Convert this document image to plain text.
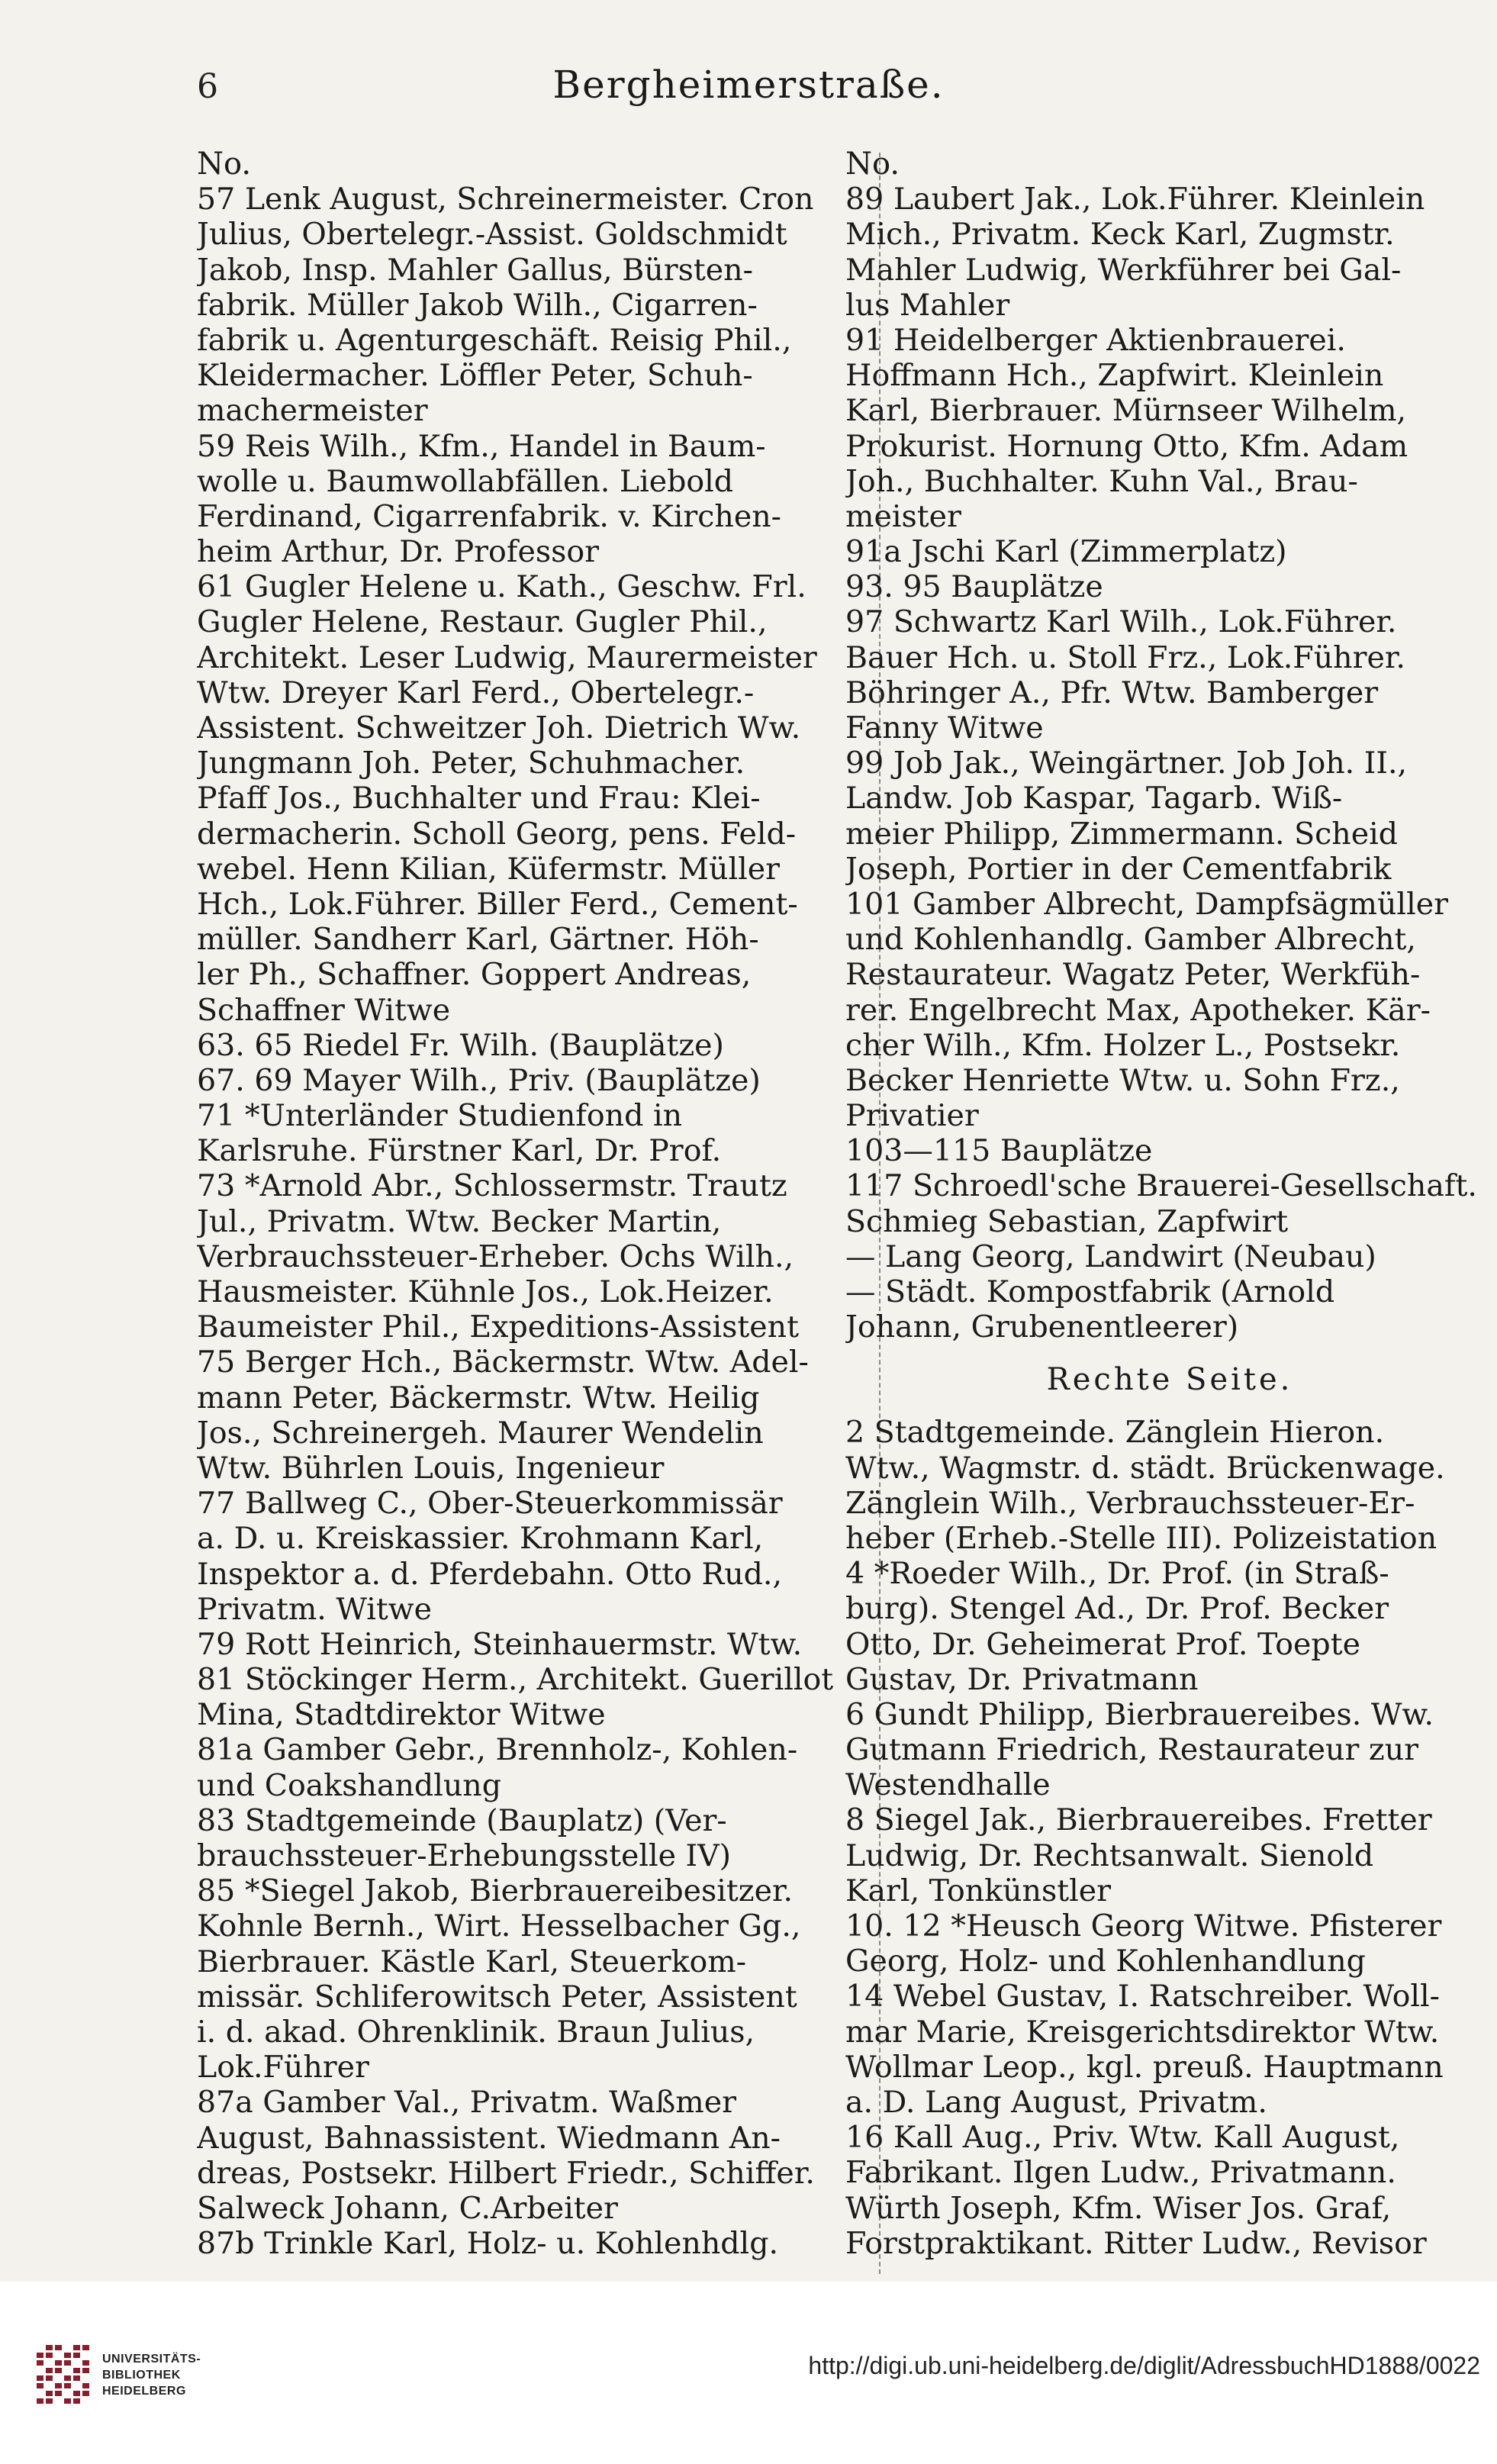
6	Bergheimerstraße.
No.
57 Lenk August, Schreinermeister. Cron
Julius, Obertelegr.-Assist. Goldschmidt
Jakob, Insp. Mahler Gallus, Bürsten-
fabrik. Müller Jakob Wilh., Cigarren-
fabrik u. Agenturgeschäft. Reisig Phil.,
Kleidermacher. Löffler Peter, Schuh-
machermeister
59 Reis Wilh., Kfm., Handel in Baum-
wolle u. Baumwollabfällen. Liebold
Ferdinand, Cigarrenfabrik. v. Kirchen-
heim Arthur, Dr. Professor
61 Gugler Helene u. Kath., Geschw. Frl.
Gugler Helene, Restaur. Gugler Phil.,
Architekt. Leser Ludwig, Maurermeister
Wtw. Dreyer Karl Ferd., Obertelegr.-
Assistent. Schweitzer Joh. Dietrich Ww.
Jungmann Joh. Peter, Schuhmacher.
Pfaff Jos., Buchhalter und Frau: Klei-
dermacherin. Scholl Georg, pens. Feld-
webel. Henn Kilian, Küfermstr. Müller
Hch., Lok.Führer. Biller Ferd., Cement-
müller. Sandherr Karl, Gärtner. Höh-
ler Ph., Schaffner. Goppert Andreas,
Schaffner Witwe
63. 65 Riedel Fr. Wilh. (Bauplätze)
67. 69 Mayer Wilh., Priv. (Bauplätze)
71 *Unterländer Studienfond in
Karlsruhe. Fürstner Karl, Dr. Prof.
73 *Arnold Abr., Schlossermstr. Trautz
Jul., Privatm. Wtw. Becker Martin,
Verbrauchssteuer-Erheber. Ochs Wilh.,
Hausmeister. Kühnle Jos., Lok.Heizer.
Baumeister Phil., Expeditions-Assistent
75 Berger Hch., Bäckermstr. Wtw. Adel-
mann Peter, Bäckermstr. Wtw. Heilig
Jos., Schreinergeh. Maurer Wendelin
Wtw. Bührlen Louis, Ingenieur
77 Ballweg C., Ober-Steuerkommissär
a. D. u. Kreiskassier. Krohmann Karl,
Inspektor a. d. Pferdebahn. Otto Rud.,
Privatm. Witwe
79 Rott Heinrich, Steinhauermstr. Wtw.
81 Stöckinger Herm., Architekt. Guerillot
Mina, Stadtdirektor Witwe
81a Gamber Gebr., Brennholz-, Kohlen-
und Coakshandlung
83 Stadtgemeinde (Bauplatz) (Ver-
brauchssteuer-Erhebungsstelle IV)
85 *Siegel Jakob, Bierbrauereibesitzer.
Kohnle Bernh., Wirt. Hesselbacher Gg.,
Bierbrauer. Kästle Karl, Steuerkom-
missär. Schliferowitsch Peter, Assistent
i. d. akad. Ohrenklinik. Braun Julius,
Lok.Führer
87a Gamber Val., Privatm. Waßmer
August, Bahnassistent. Wiedmann An-
dreas, Postsekr. Hilbert Friedr., Schiffer.
Salweck Johann, C.Arbeiter
87b Trinkle Karl, Holz- u. Kohlenhdlg.
No.
89 Laubert Jak., Lok.Führer. Kleinlein
Mich., Privatm. Keck Karl, Zugmstr.
Mahler Ludwig, Werkführer bei Gal-
lus Mahler
91 Heidelberger Aktienbrauerei.
Hoffmann Hch., Zapfwirt. Kleinlein
Karl, Bierbrauer. Mürnseer Wilhelm,
Prokurist. Hornung Otto, Kfm. Adam
Joh., Buchhalter. Kuhn Val., Brau-
meister
91a Jschi Karl (Zimmerplatz)
93. 95 Bauplätze
97 Schwartz Karl Wilh., Lok.Führer.
Bauer Hch. u. Stoll Frz., Lok.Führer.
Böhringer A., Pfr. Wtw. Bamberger
Fanny Witwe
99 Job Jak., Weingärtner. Job Joh. II.,
Landw. Job Kaspar, Tagarb. Wiß-
meier Philipp, Zimmermann. Scheid
Joseph, Portier in der Cementfabrik
101 Gamber Albrecht, Dampfsägmüller
und Kohlenhandlg. Gamber Albrecht,
Restaurateur. Wagatz Peter, Werkfüh-
rer. Engelbrecht Max, Apotheker. Kär-
cher Wilh., Kfm. Holzer L., Postsekr.
Becker Henriette Wtw. u. Sohn Frz.,
Privatier
103—115 Bauplätze
117 Schroedl'sche Brauerei-Gesellschaft.
Schmieg Sebastian, Zapfwirt
— Lang Georg, Landwirt (Neubau)
— Städt. Kompostfabrik (Arnold
Johann, Grubenentleerer)
Rechte Seite.
2 Stadtgemeinde. Zänglein Hieron.
Wtw., Wagmstr. d. städt. Brückenwage.
Zänglein Wilh., Verbrauchssteuer-Er-
heber (Erheb.-Stelle III). Polizeistation
4 *Roeder Wilh., Dr. Prof. (in Straß-
burg). Stengel Ad., Dr. Prof. Becker
Otto, Dr. Geheimerat Prof. Toepte
Gustav, Dr. Privatmann
6 Gundt Philipp, Bierbrauereibes. Ww.
Gutmann Friedrich, Restaurateur zur
Westendhalle
8 Siegel Jak., Bierbrauereibes. Fretter
Ludwig, Dr. Rechtsanwalt. Sienold
Karl, Tonkünstler
10. 12 *Heusch Georg Witwe. Pfisterer
Georg, Holz- und Kohlenhandlung
14 Webel Gustav, I. Ratschreiber. Woll-
mar Marie, Kreisgerichtsdirektor Wtw.
Wollmar Leop., kgl. preuß. Hauptmann
a. D. Lang August, Privatm.
16 Kall Aug., Priv. Wtw. Kall August,
Fabrikant. Ilgen Ludw., Privatmann.
Würth Joseph, Kfm. Wiser Jos. Graf,
Forstpraktikant. Ritter Ludw., Revisor
UNIVERSITÄTS-
BIBLIOTHEK
HEIDELBERG
http://digi.ub.uni-heidelberg.de/diglit/AdressbuchHD1888/0022
